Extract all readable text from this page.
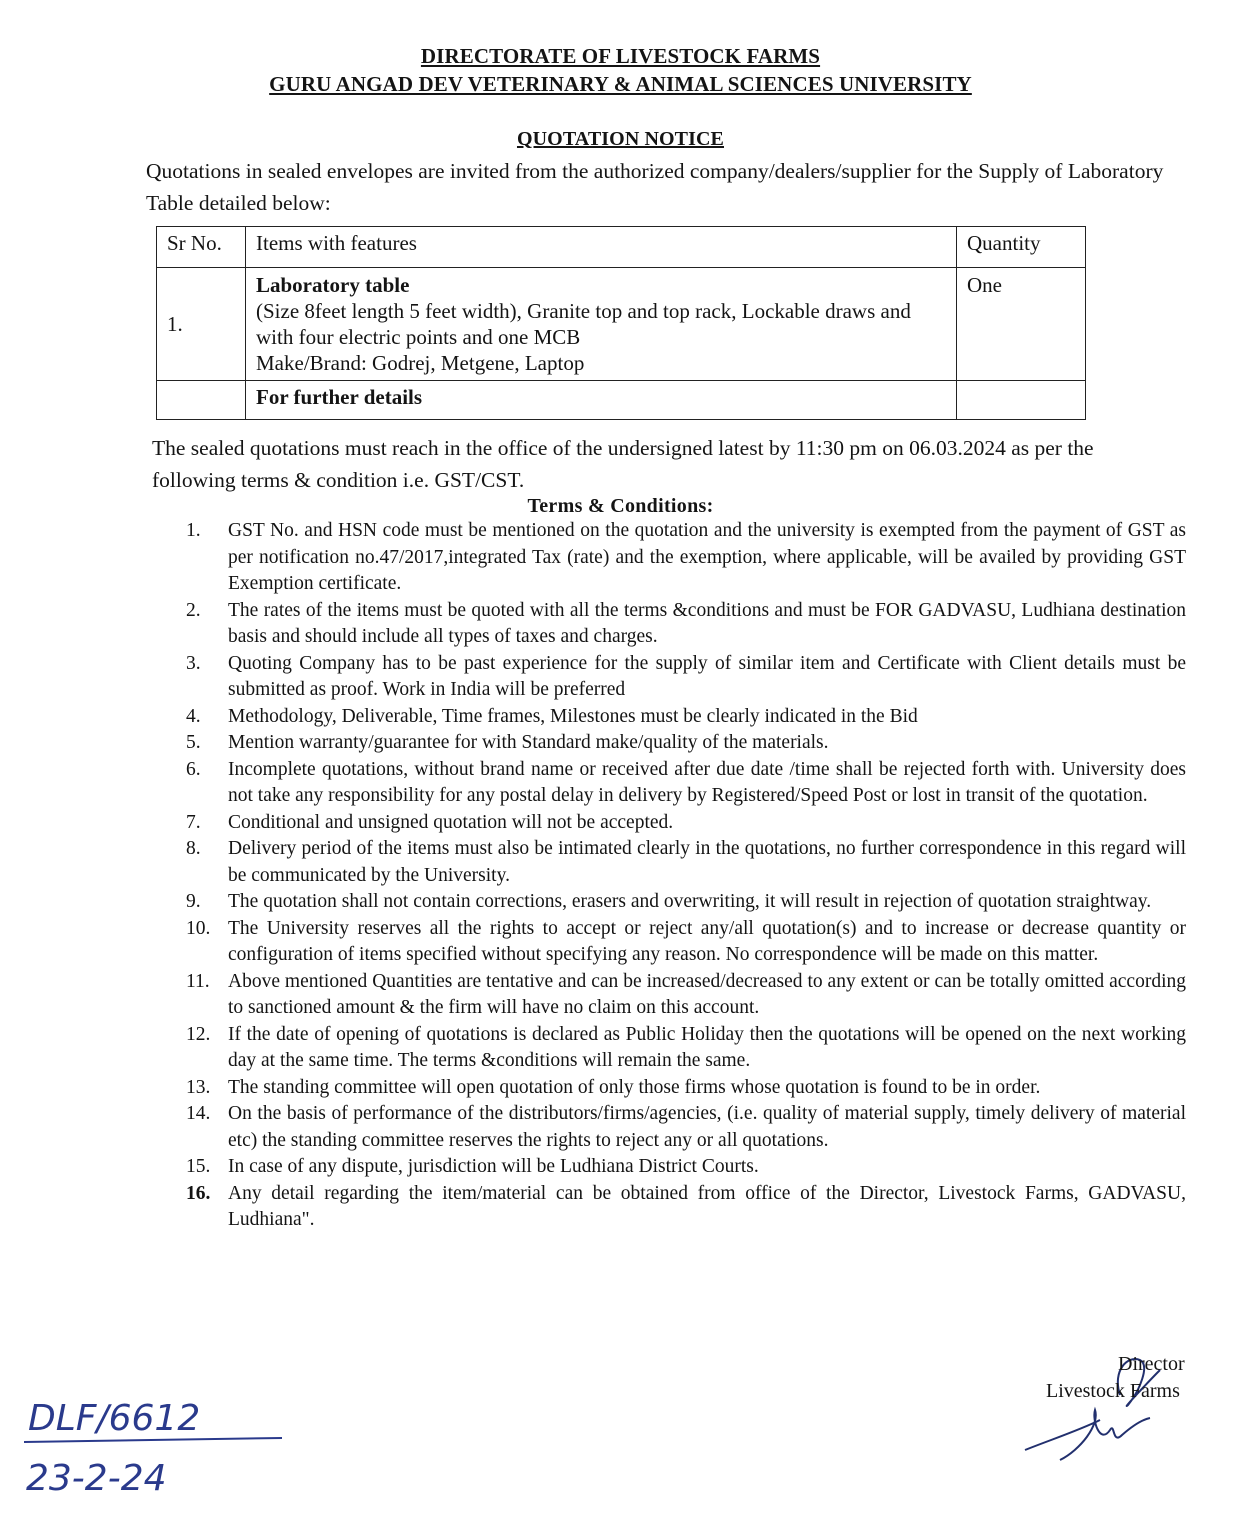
DIRECTORATE OF LIVESTOCK FARMS
GURU ANGAD DEV VETERINARY & ANIMAL SCIENCES UNIVERSITY
QUOTATION NOTICE
Quotations in sealed envelopes are invited from the authorized company/dealers/supplier for the Supply of Laboratory Table detailed below:
Sr No.	Items with features	Quantity
1.	Laboratory table
(Size 8feet length 5 feet width), Granite top and top rack, Lockable draws and with four electric points and one MCB
Make/Brand: Godrej, Metgene, Laptop	One
	For further details	
The sealed quotations must reach in the office of the undersigned latest by 11:30 pm on 06.03.2024 as per the following terms & condition i.e. GST/CST.
Terms & Conditions:
1. GST No. and HSN code must be mentioned on the quotation and the university is exempted from the payment of GST as per notification no.47/2017,integrated Tax (rate) and the exemption, where applicable, will be availed by providing GST Exemption certificate.
2. The rates of the items must be quoted with all the terms &conditions and must be FOR GADVASU, Ludhiana destination basis and should include all types of taxes and charges.
3. Quoting Company has to be past experience for the supply of similar item and Certificate with Client details must be submitted as proof. Work in India will be preferred
4. Methodology, Deliverable, Time frames, Milestones must be clearly indicated in the Bid
5. Mention warranty/guarantee for with Standard make/quality of the materials.
6. Incomplete quotations, without brand name or received after due date /time shall be rejected forth with. University does not take any responsibility for any postal delay in delivery by Registered/Speed Post or lost in transit of the quotation.
7. Conditional and unsigned quotation will not be accepted.
8. Delivery period of the items must also be intimated clearly in the quotations, no further correspondence in this regard will be communicated by the University.
9. The quotation shall not contain corrections, erasers and overwriting, it will result in rejection of quotation straightway.
10. The University reserves all the rights to accept or reject any/all quotation(s) and to increase or decrease quantity or configuration of items specified without specifying any reason. No correspondence will be made on this matter.
11. Above mentioned Quantities are tentative and can be increased/decreased to any extent or can be totally omitted according to sanctioned amount & the firm will have no claim on this account.
12. If the date of opening of quotations is declared as Public Holiday then the quotations will be opened on the next working day at the same time. The terms &conditions will remain the same.
13. The standing committee will open quotation of only those firms whose quotation is found to be in order.
14. On the basis of performance of the distributors/firms/agencies, (i.e. quality of material supply, timely delivery of material etc) the standing committee reserves the rights to reject any or all quotations.
15. In case of any dispute, jurisdiction will be Ludhiana District Courts.
16. Any detail regarding the item/material can be obtained from office of the Director, Livestock Farms, GADVASU, Ludhiana".
DLF/6612
23-2-24
Director
Livestock Farms
